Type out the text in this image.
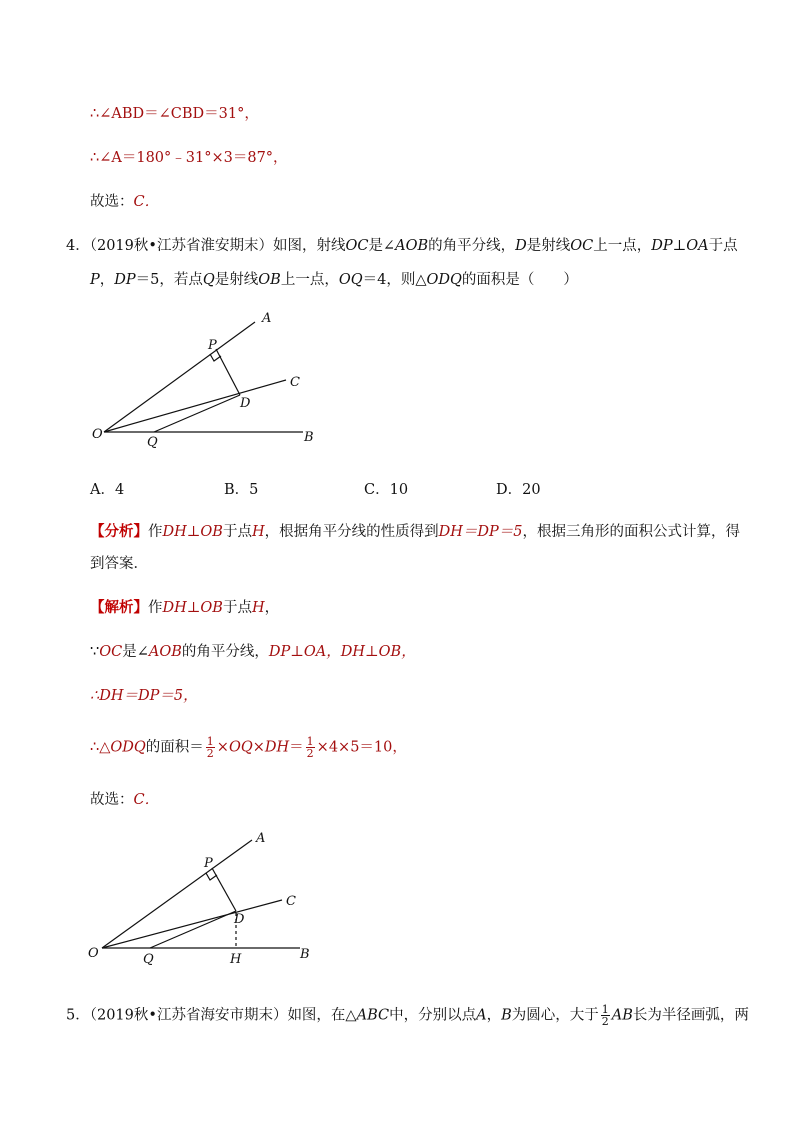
∴∠ABD＝∠CBD＝31°，
∴∠A＝180°﹣31°×3＝87°，
故选：C．
4．（2019秋•江苏省淮安期末）如图，射线OC是∠AOB的角平分线，D是射线OC上一点，DP⊥OA于点
P，DP＝5，若点Q是射线OB上一点，OQ＝4，则△ODQ的面积是（　　）
A
P
C
D
O
Q	B
A
P
C
D
O	Q	H	B
A．4	B．5	C．10	D．20
【分析】作DH⊥OB于点H，根据角平分线的性质得到DH＝DP＝5，根据三角形的面积公式计算，得
到答案．
【解析】作DH⊥OB于点H，
∵OC是∠AOB的角平分线，DP⊥OA，DH⊥OB，
∴DH＝DP＝5，
∴△ODQ的面积＝ $\frac{1}{2} \times OQ\times DH= \frac{1}{2} \times 4\times 5=10$，
故选：C．
5．（2019秋•江苏省海安市期末）如图，在△ABC中，分别以点A，B为圆心，大于 $\frac{1}{2}$ AB长为半径画弧，两
